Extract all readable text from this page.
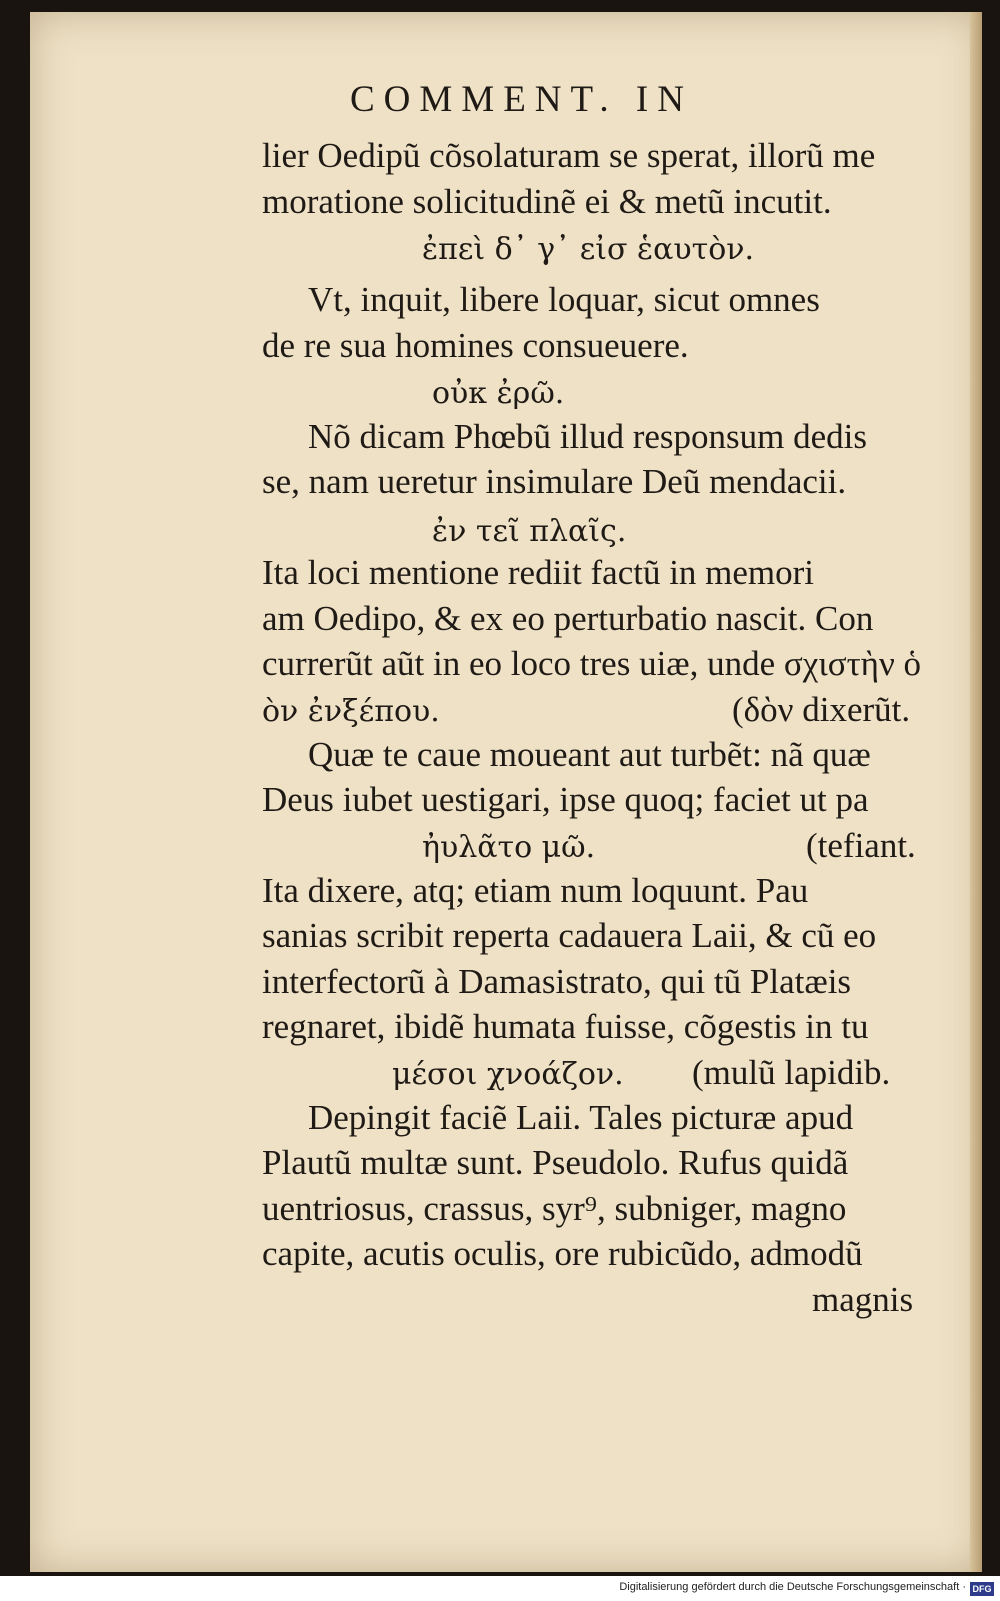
COMMENT. IN
lier Oedipũ cõsolaturam se sperat, illorũ me
moratione solicitudinẽ ei & metũ incutit.
ἐπεὶ δ᾽ γ᾽ εἰσ ἑαυτὸν.
Vt, inquit, libere loquar, sicut omnes
de re sua homines consueuere.
οὐκ ἐρῶ.
Nõ dicam Phœbũ illud responsum dedis
se, nam ueretur insimulare Deũ mendacii.
ἐν τεῖ πλαῖς.
Ita loci mentione rediit factũ in memori
am Oedipo, & ex eo perturbatio nascit. Con
currerũt aũt in eo loco tres uiæ, unde σχιστὴν ὁ
ὸν ἐνξέπου.	(δὸν dixerũt.
Quæ te caue moueant aut turbẽt: nã quæ
Deus iubet uestigari, ipse quoq; faciet ut pa
ἠυλᾶτο μῶ.	(tefiant.
Ita dixere, atq; etiam num loquunt. Pau
sanias scribit reperta cadauera Laii, & cũ eo
interfectorũ à Damasistrato, qui tũ Platæis
regnaret, ibidẽ humata fuisse, cõgestis in tu
μέσοι χνοάζον. (mulũ lapidib.
Depingit faciẽ Laii. Tales picturæ apud
Plautũ multæ sunt. Pseudolo. Rufus quidã
uentriosus, crassus, syr⁹, subniger, magno
capite, acutis oculis, ore rubicũdo, admodũ
magnis
Digitalisierung gefördert durch die Deutsche Forschungsgemeinschaft · DFG
